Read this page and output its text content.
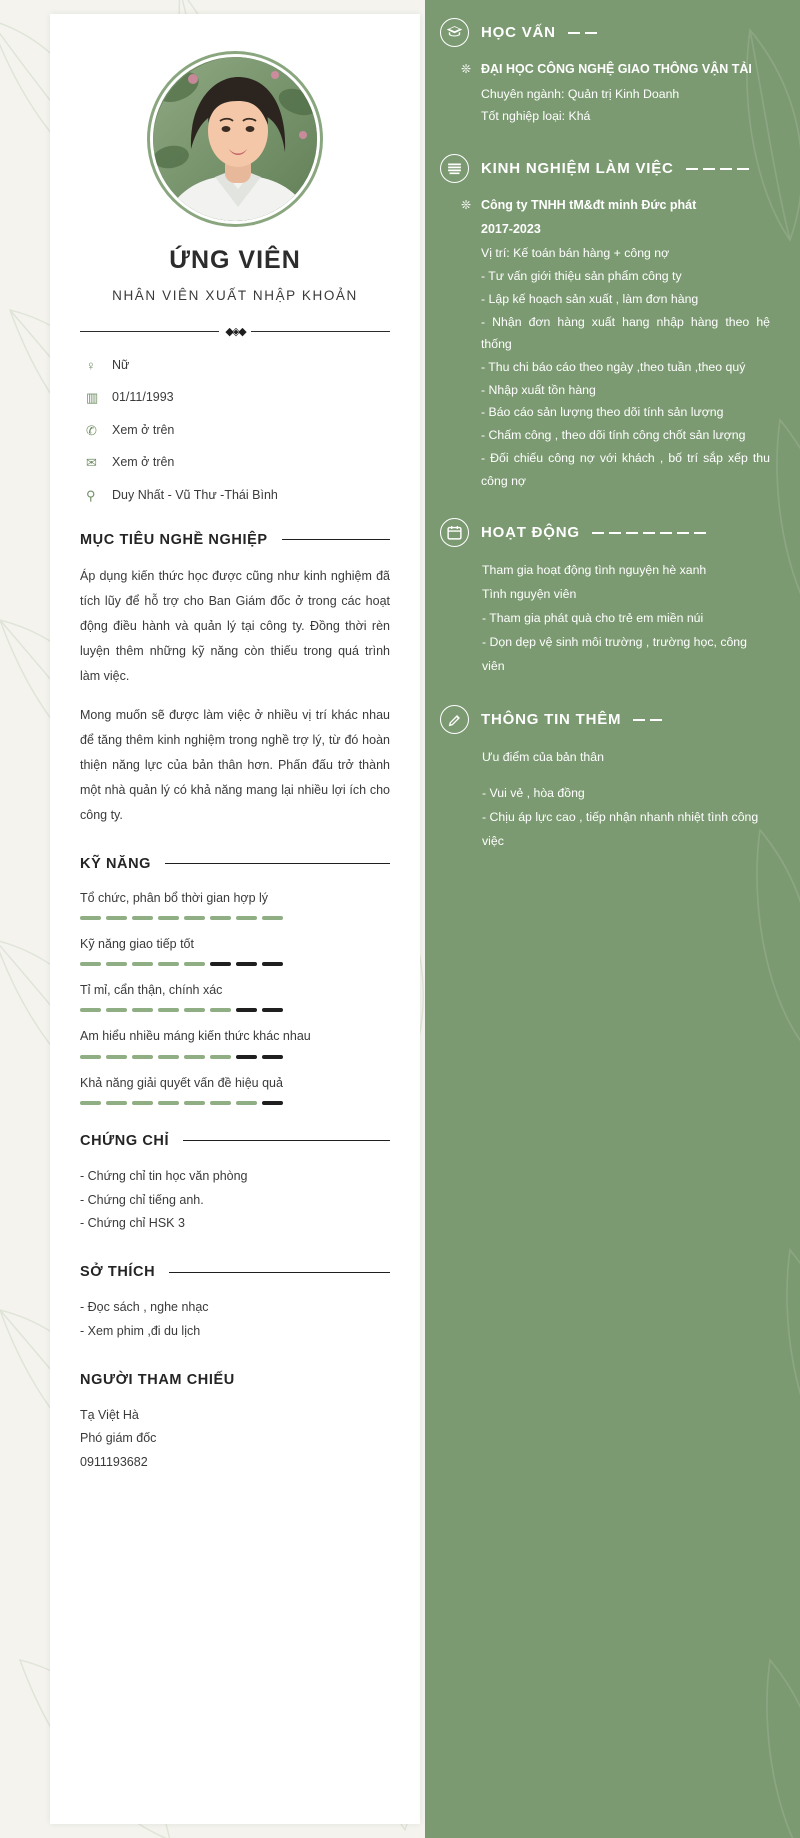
ỨNG VIÊN
NHÂN VIÊN XUẤT NHẬP KHOẢN
◆◈◆
♀	Nữ
▥	01/11/1993
✆	Xem ở trên
✉	Xem ở trên
⚲	Duy Nhất - Vũ Thư -Thái Bình
MỤC TIÊU NGHỀ NGHIỆP

Áp dụng kiến thức học được cũng như kinh nghiệm đã tích lũy để hỗ trợ cho Ban Giám đốc ở trong các hoạt động điều hành và quản lý tại công ty. Đồng thời rèn luyện thêm những kỹ năng còn thiếu trong quá trình làm việc.

Mong muốn sẽ được làm việc ở nhiều vị trí khác nhau để tăng thêm kinh nghiệm trong nghề trợ lý, từ đó hoàn thiện năng lực của bản thân hơn. Phấn đấu trở thành một nhà quản lý có khả năng mang lại nhiều lợi ích cho công ty.

KỸ NĂNG
Tổ chức, phân bổ thời gian hợp lý
Kỹ năng giao tiếp tốt
Tỉ mỉ, cẩn thận, chính xác
Am hiểu nhiều máng kiến thức khác nhau
Khả năng giải quyết vấn đề hiệu quả
CHỨNG CHỈ
- Chứng chỉ tin học văn phòng
- Chứng chỉ tiếng anh.
- Chứng chỉ HSK 3
SỞ THÍCH
- Đọc sách , nghe nhạc
- Xem phim ,đi du lịch
NGƯỜI THAM CHIẾU
Tạ Việt Hà
Phó giám đốc
0911193682
HỌC VẤN
❊ ĐẠI HỌC CÔNG NGHỆ GIAO THÔNG VẬN TẢI
Chuyên ngành: Quản trị Kinh Doanh
Tốt nghiệp loại: Khá
KINH NGHIỆM LÀM VIỆC
❊ Công ty TNHH tM&đt minh Đức phát
2017-2023
Vị trí: Kế toán bán hàng + công nợ
- Tư vấn giới thiệu sản phẩm công ty
- Lập kế hoạch sản xuất , làm đơn hàng
- Nhận đơn hàng xuất hang nhập hàng theo hệ thống
- Thu chi báo cáo theo ngày ,theo tuần ,theo quý
- Nhập xuất tồn hàng
- Báo cáo sản lượng theo dõi tính sản lượng
- Chấm công , theo dõi tính công chốt sản lượng
- Đối chiếu công nợ với khách , bố trí sắp xếp thu công nợ
HOẠT ĐỘNG
Tham gia hoạt động tình nguyện hè xanh
Tình nguyện viên
- Tham gia phát quà cho trẻ em miền núi
- Dọn dẹp vệ sinh môi trường , trường học, công viên
THÔNG TIN THÊM
Ưu điểm của bản thân
- Vui vẻ , hòa đồng
- Chịu áp lực cao , tiếp nhận nhanh nhiệt tình công việc
